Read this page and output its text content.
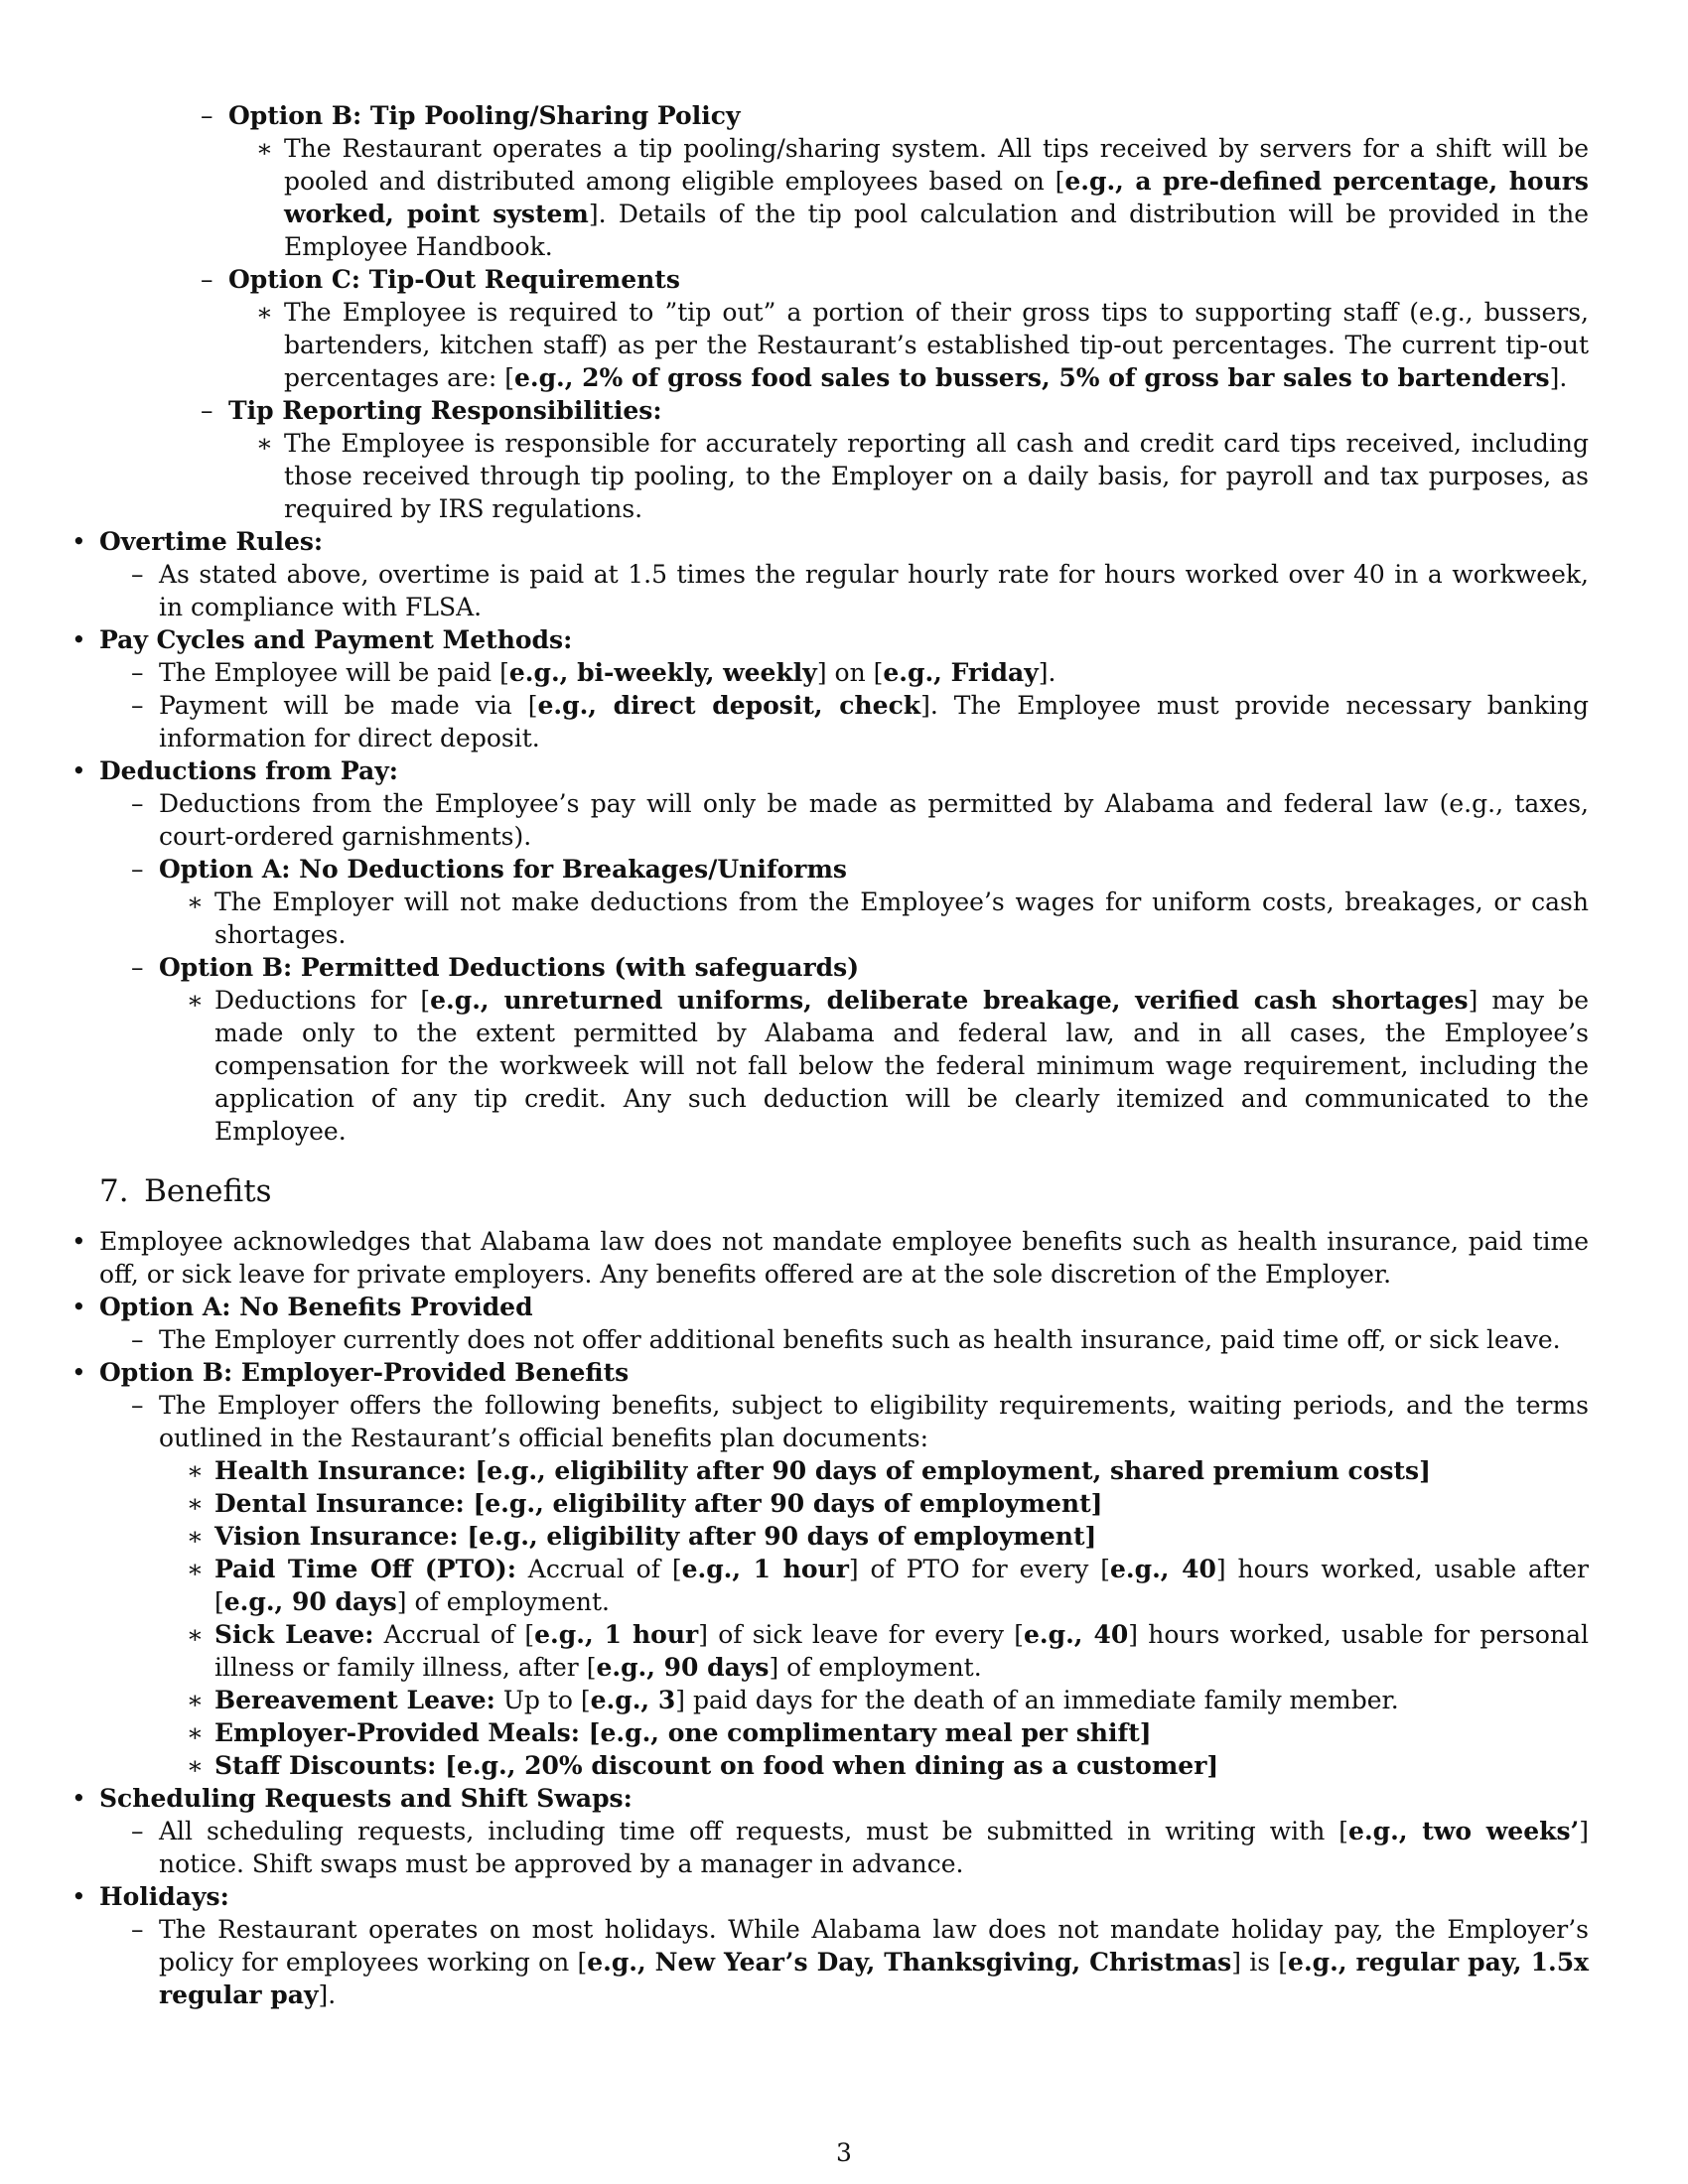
– Option B: Tip Pooling/Sharing Policy

∗ The Restaurant operates a tip pooling/sharing system. All tips received by servers for a shift will be pooled and distributed among eligible employees based on [e.g., a pre-defined percentage, hours worked, point system]. Details of the tip pool calculation and distribution will be provided in the Employee Handbook.

– Option C: Tip-Out Requirements

∗ The Employee is required to ”tip out” a portion of their gross tips to supporting staff (e.g., bussers, bartenders, kitchen staff) as per the Restaurant’s established tip-out percentages. The current tip-out percentages are: [e.g., 2% of gross food sales to bussers, 5% of gross bar sales to bartenders].

– Tip Reporting Responsibilities:

∗ The Employee is responsible for accurately reporting all cash and credit card tips received, including those received through tip pooling, to the Employer on a daily basis, for payroll and tax purposes, as required by IRS regulations.

• Overtime Rules:

– As stated above, overtime is paid at 1.5 times the regular hourly rate for hours worked over 40 in a workweek, in compliance with FLSA.

• Pay Cycles and Payment Methods:

– The Employee will be paid [e.g., bi-weekly, weekly] on [e.g., Friday].

– Payment will be made via [e.g., direct deposit, check]. The Employee must provide necessary banking information for direct deposit.

• Deductions from Pay:

– Deductions from the Employee’s pay will only be made as permitted by Alabama and federal law (e.g., taxes, court-ordered garnishments).

– Option A: No Deductions for Breakages/Uniforms

∗ The Employer will not make deductions from the Employee’s wages for uniform costs, breakages, or cash shortages.

– Option B: Permitted Deductions (with safeguards)

∗ Deductions for [e.g., unreturned uniforms, deliberate breakage, verified cash shortages] may be made only to the extent permitted by Alabama and federal law, and in all cases, the Employee’s compensation for the workweek will not fall below the federal minimum wage requirement, including the application of any tip credit. Any such deduction will be clearly itemized and communicated to the Employee.

7. Benefits

• Employee acknowledges that Alabama law does not mandate employee benefits such as health insurance, paid time off, or sick leave for private employers. Any benefits offered are at the sole discretion of the Employer.

• Option A: No Benefits Provided

– The Employer currently does not offer additional benefits such as health insurance, paid time off, or sick leave.

• Option B: Employer-Provided Benefits

– The Employer offers the following benefits, subject to eligibility requirements, waiting periods, and the terms outlined in the Restaurant’s official benefits plan documents:

∗ Health Insurance: [e.g., eligibility after 90 days of employment, shared premium costs]

∗ Dental Insurance: [e.g., eligibility after 90 days of employment]

∗ Vision Insurance: [e.g., eligibility after 90 days of employment]

∗ Paid Time Off (PTO): Accrual of [e.g., 1 hour] of PTO for every [e.g., 40] hours worked, usable after [e.g., 90 days] of employment.

∗ Sick Leave: Accrual of [e.g., 1 hour] of sick leave for every [e.g., 40] hours worked, usable for personal illness or family illness, after [e.g., 90 days] of employment.

∗ Bereavement Leave: Up to [e.g., 3] paid days for the death of an immediate family member.

∗ Employer-Provided Meals: [e.g., one complimentary meal per shift]

∗ Staff Discounts: [e.g., 20% discount on food when dining as a customer]

• Scheduling Requests and Shift Swaps:

– All scheduling requests, including time off requests, must be submitted in writing with [e.g., two weeks’] notice. Shift swaps must be approved by a manager in advance.

• Holidays:

– The Restaurant operates on most holidays. While Alabama law does not mandate holiday pay, the Employer’s policy for employees working on [e.g., New Year’s Day, Thanksgiving, Christmas] is [e.g., regular pay, 1.5x regular pay].

3
